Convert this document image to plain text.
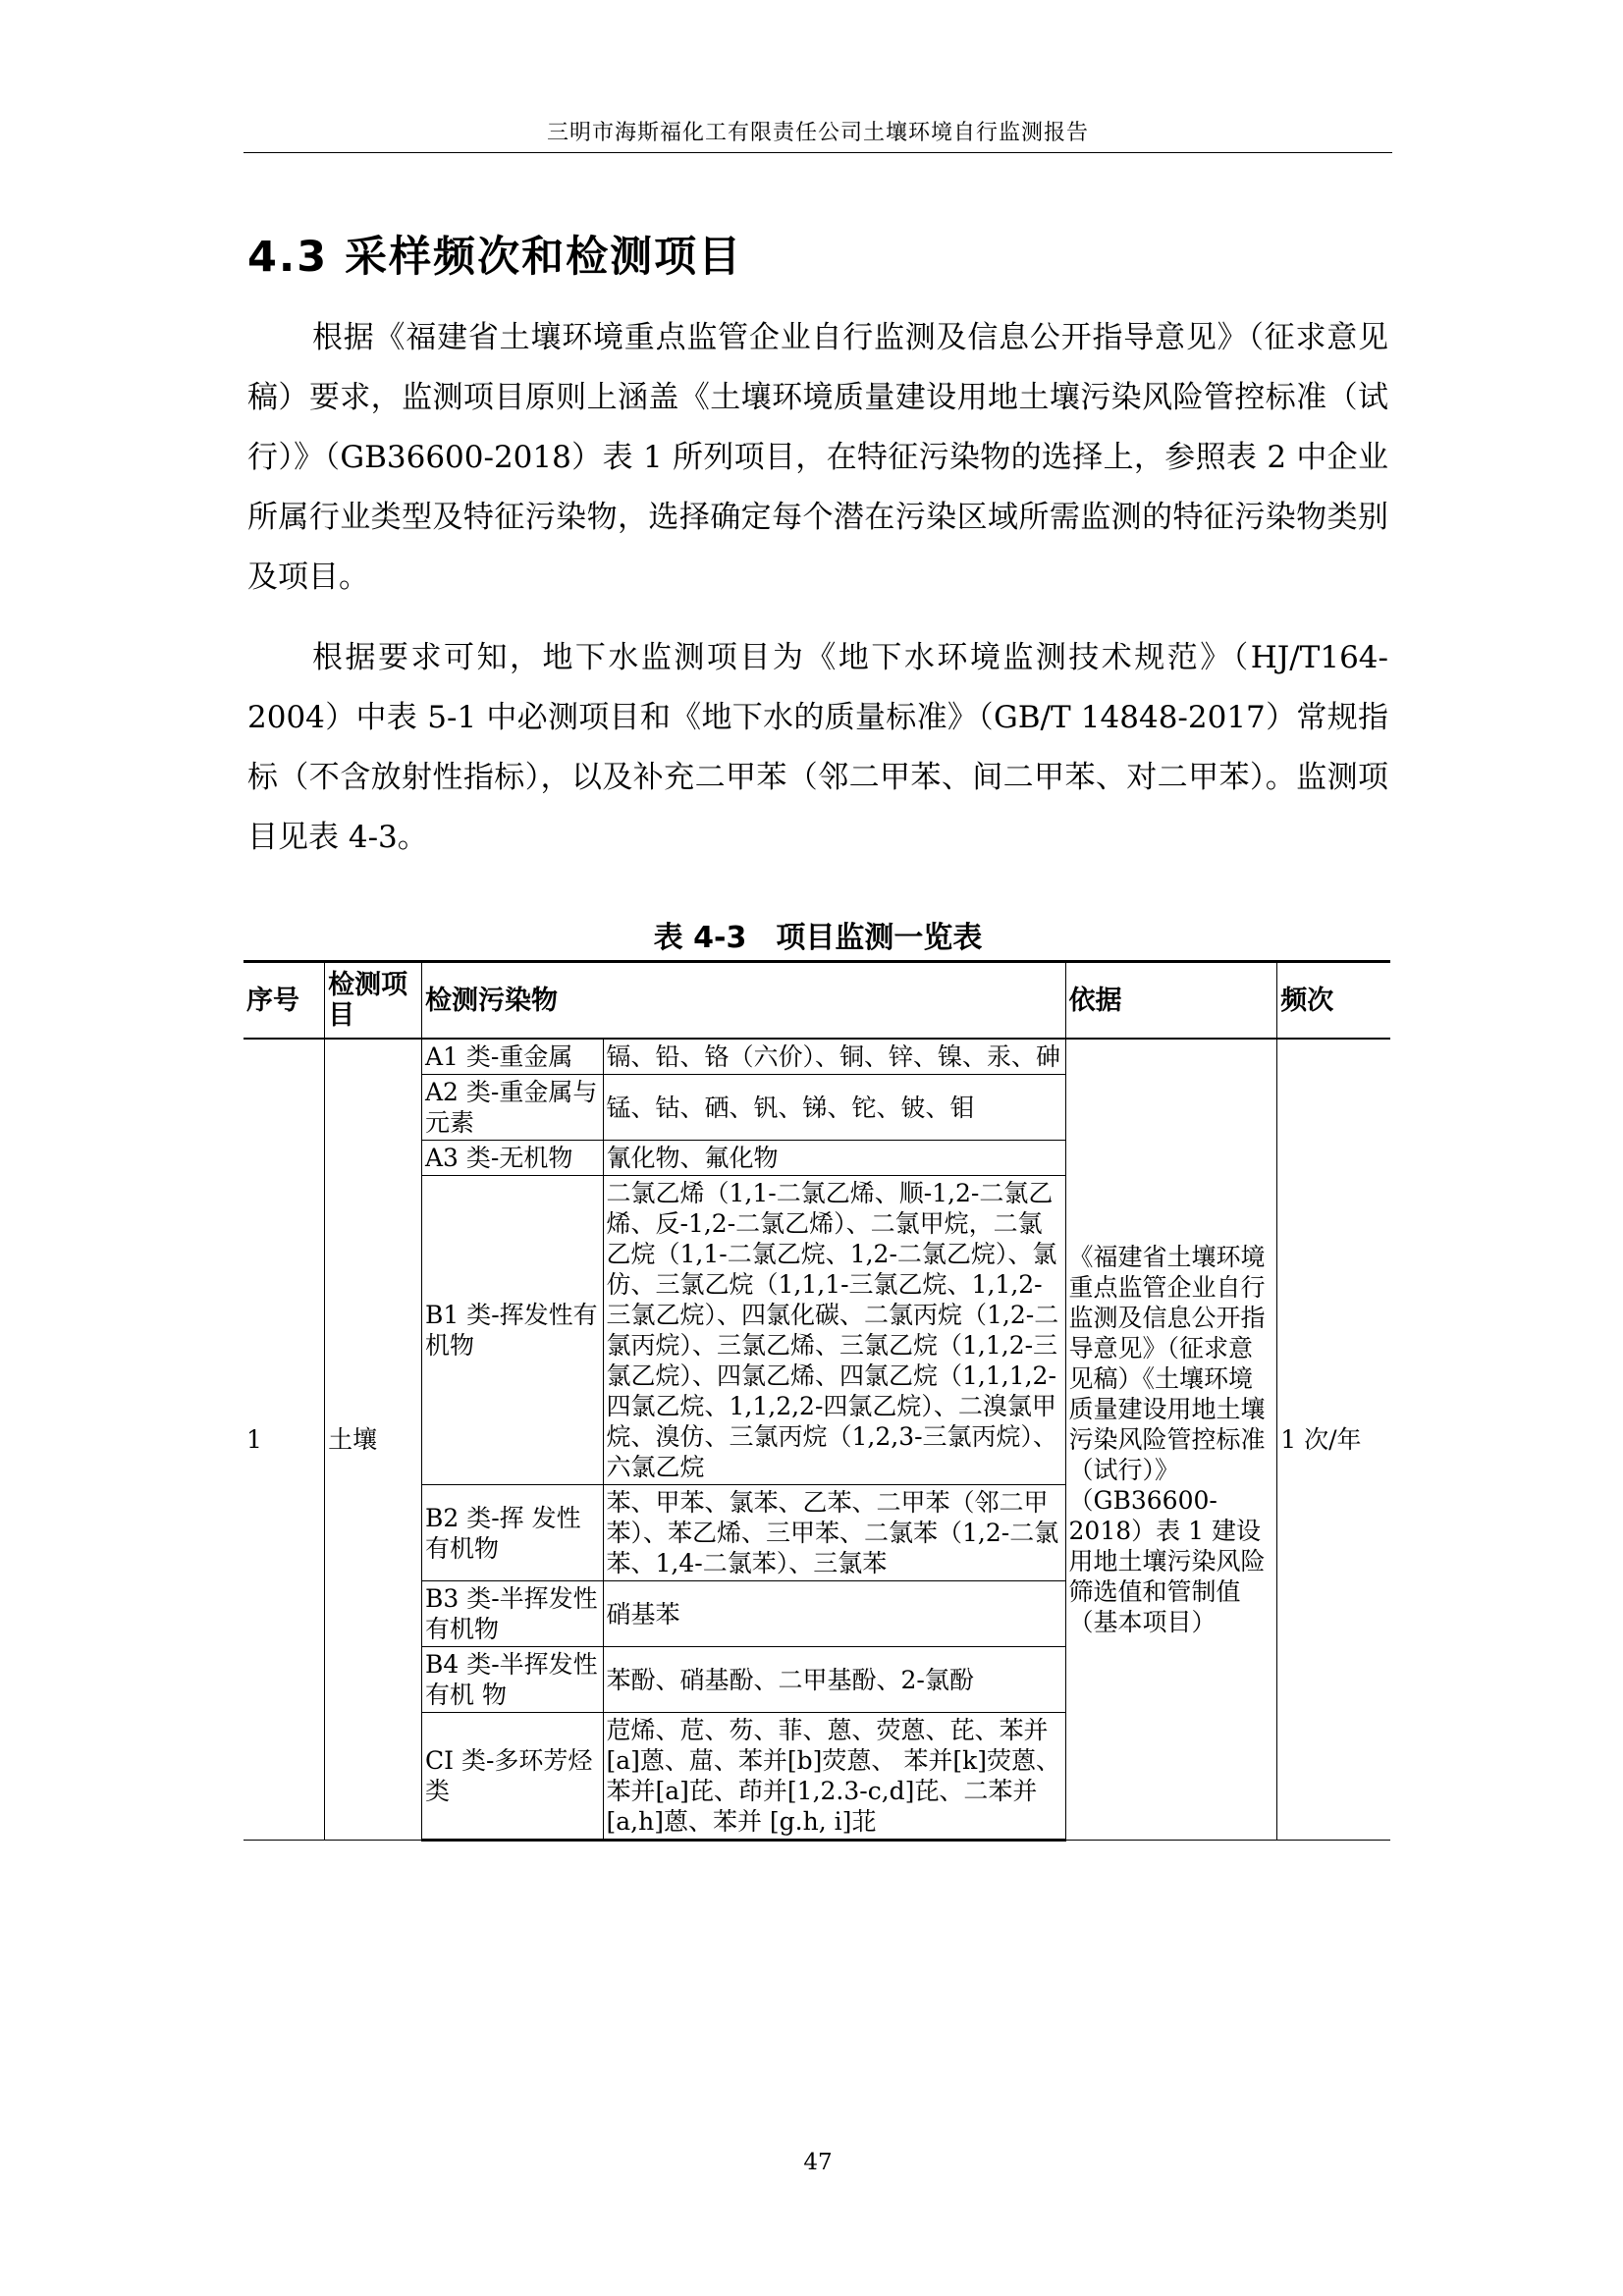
三明市海斯福化工有限责任公司土壤环境自行监测报告
4.3 采样频次和检测项目

根据《福建省土壤环境重点监管企业自行监测及信息公开指导意见》（征求意见稿）要求，监测项目原则上涵盖《土壤环境质量建设用地土壤污染风险管控标准（试行）》（GB36600-2018）表 1 所列项目，在特征污染物的选择上，参照表 2 中企业所属行业类型及特征污染物，选择确定每个潜在污染区域所需监测的特征污染物类别及项目。

根据要求可知，地下水监测项目为《地下水环境监测技术规范》（HJ/T164-2004）中表 5-1 中必测项目和《地下水的质量标准》（GB/T 14848-2017）常规指标（不含放射性指标），以及补充二甲苯（邻二甲苯、间二甲苯、对二甲苯）。监测项目见表 4-3。

表 4-3 项目监测一览表
序号	检测项目	检测污染物		依据	频次
1	土壤	A1 类-重金属	镉、铅、铬（六价）、铜、锌、镍、汞、砷	《福建省土壤环境重点监管企业自行监测及信息公开指导意见》（征求意见稿）《土壤环境质量建设用地土壤污染风险管控标准（试行）》（GB36600-2018）表 1 建设用地土壤污染风险筛选值和管制值（基本项目）	1 次/年
		A2 类-重金属与元素	锰、钴、硒、钒、锑、铊、铍、钼		
		A3 类-无机物	氰化物、氟化物		
		B1 类-挥发性有机物	二氯乙烯（1,1-二氯乙烯、顺-1,2-二氯乙烯、反-1,2-二氯乙烯）、二氯甲烷，二氯乙烷（1,1-二氯乙烷、1,2-二氯乙烷）、氯仿、三氯乙烷（1,1,1-三氯乙烷、1,1,2-三氯乙烷）、四氯化碳、二氯丙烷（1,2-二氯丙烷）、三氯乙烯、三氯乙烷（1,1,2-三氯乙烷）、四氯乙烯、四氯乙烷（1,1,1,2-四氯乙烷、1,1,2,2-四氯乙烷）、二溴氯甲烷、溴仿、三氯丙烷（1,2,3-三氯丙烷）、六氯乙烷		
		B2 类-挥 发性有机物	苯、甲苯、氯苯、乙苯、二甲苯（邻二甲苯）、苯乙烯、三甲苯、二氯苯（1,2-二氯苯、1,4-二氯苯）、三氯苯		
		B3 类-半挥发性有机物	硝基苯		
		B4 类-半挥发性有机 物	苯酚、硝基酚、二甲基酚、2-氯酚		
		CI 类-多环芳烃类	苊烯、苊、芴、菲、蒽、荧蒽、芘、苯并[a]蒽、䓛、苯并[b]荧蒽、 苯并[k]荧蒽、苯并[a]芘、茚并[1,2.3-c,d]芘、二苯并[a,h]蒽、苯并 [g.h, i]苝		
47
